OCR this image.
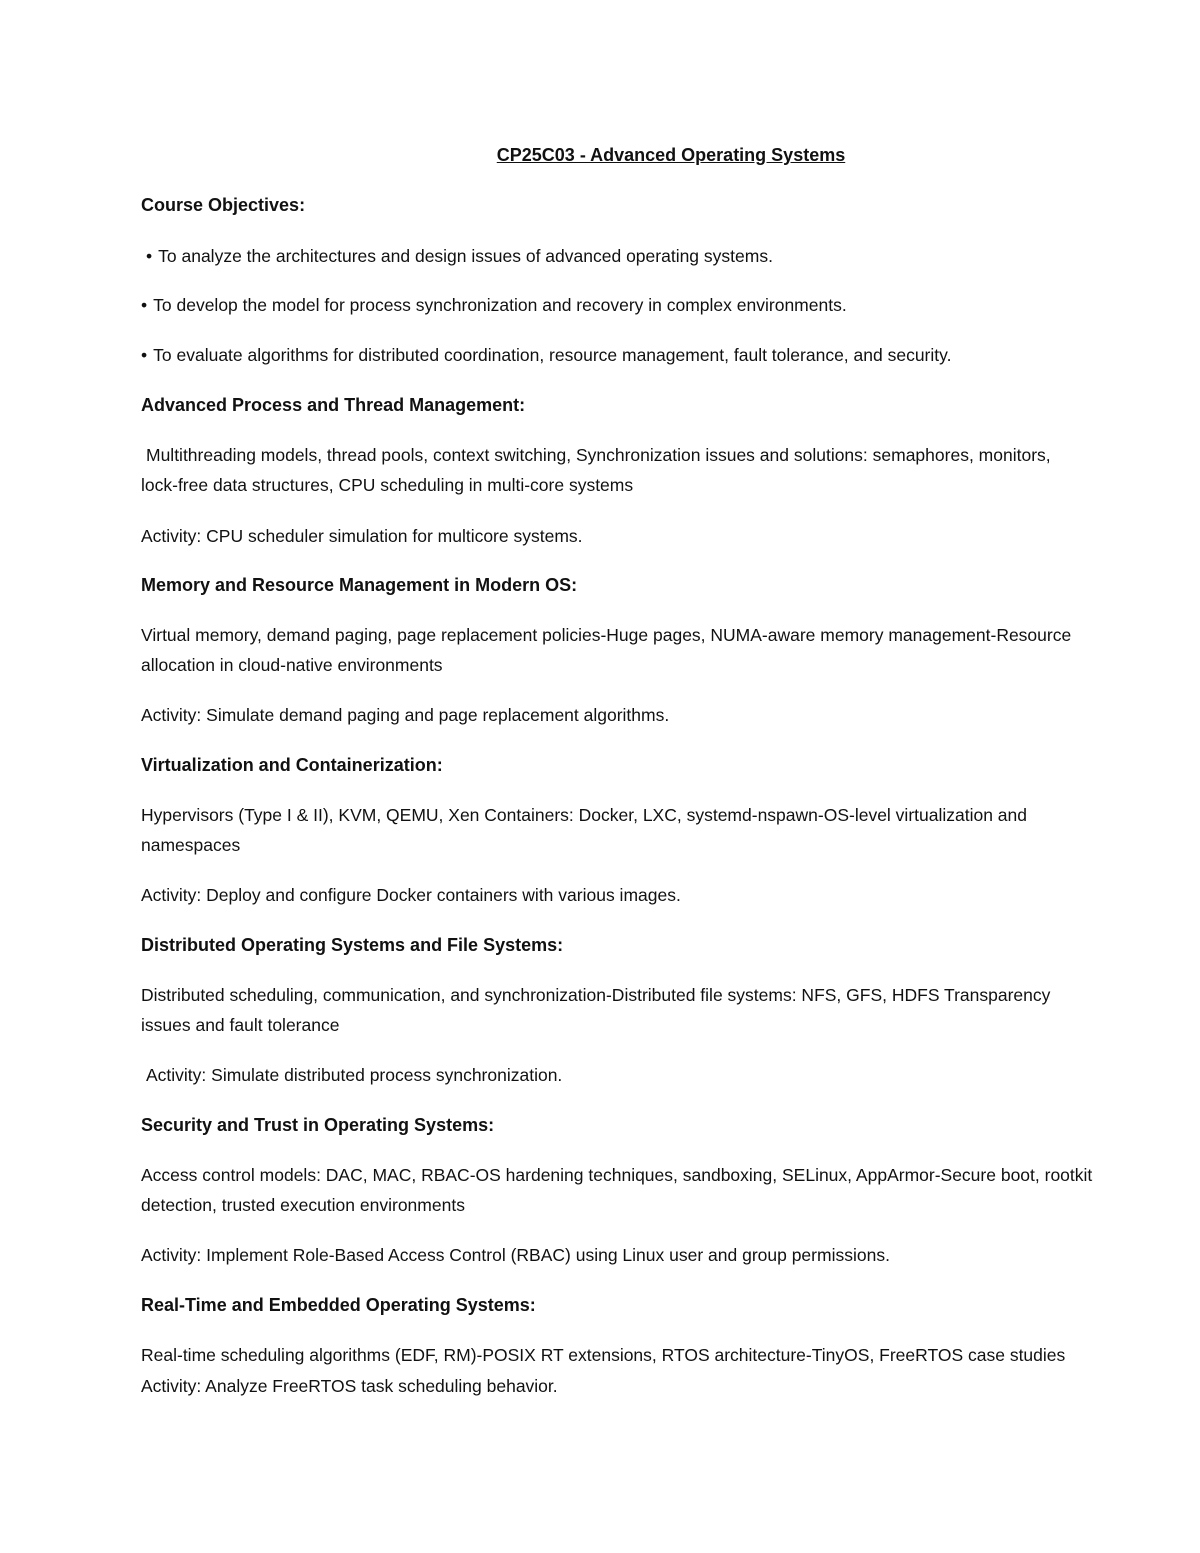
CP25C03 - Advanced Operating Systems
Course Objectives:

• To analyze the architectures and design issues of advanced operating systems.

• To develop the model for process synchronization and recovery in complex environments.

• To evaluate algorithms for distributed coordination, resource management, fault tolerance, and security.

Advanced Process and Thread Management:

Multithreading models, thread pools, context switching, Synchronization issues and solutions: semaphores, monitors,

lock-free data structures, CPU scheduling in multi-core systems

Activity: CPU scheduler simulation for multicore systems.

Memory and Resource Management in Modern OS:

Virtual memory, demand paging, page replacement policies-Huge pages, NUMA-aware memory management-Resource

allocation in cloud-native environments

Activity: Simulate demand paging and page replacement algorithms.

Virtualization and Containerization:

Hypervisors (Type I & II), KVM, QEMU, Xen Containers: Docker, LXC, systemd-nspawn-OS-level virtualization and

namespaces

Activity: Deploy and configure Docker containers with various images.

Distributed Operating Systems and File Systems:

Distributed scheduling, communication, and synchronization-Distributed file systems: NFS, GFS, HDFS Transparency

issues and fault tolerance

Activity: Simulate distributed process synchronization.

Security and Trust in Operating Systems:

Access control models: DAC, MAC, RBAC-OS hardening techniques, sandboxing, SELinux, AppArmor-Secure boot, rootkit

detection, trusted execution environments

Activity: Implement Role-Based Access Control (RBAC) using Linux user and group permissions.

Real-Time and Embedded Operating Systems:

Real-time scheduling algorithms (EDF, RM)-POSIX RT extensions, RTOS architecture-TinyOS, FreeRTOS case studies

Activity: Analyze FreeRTOS task scheduling behavior.
